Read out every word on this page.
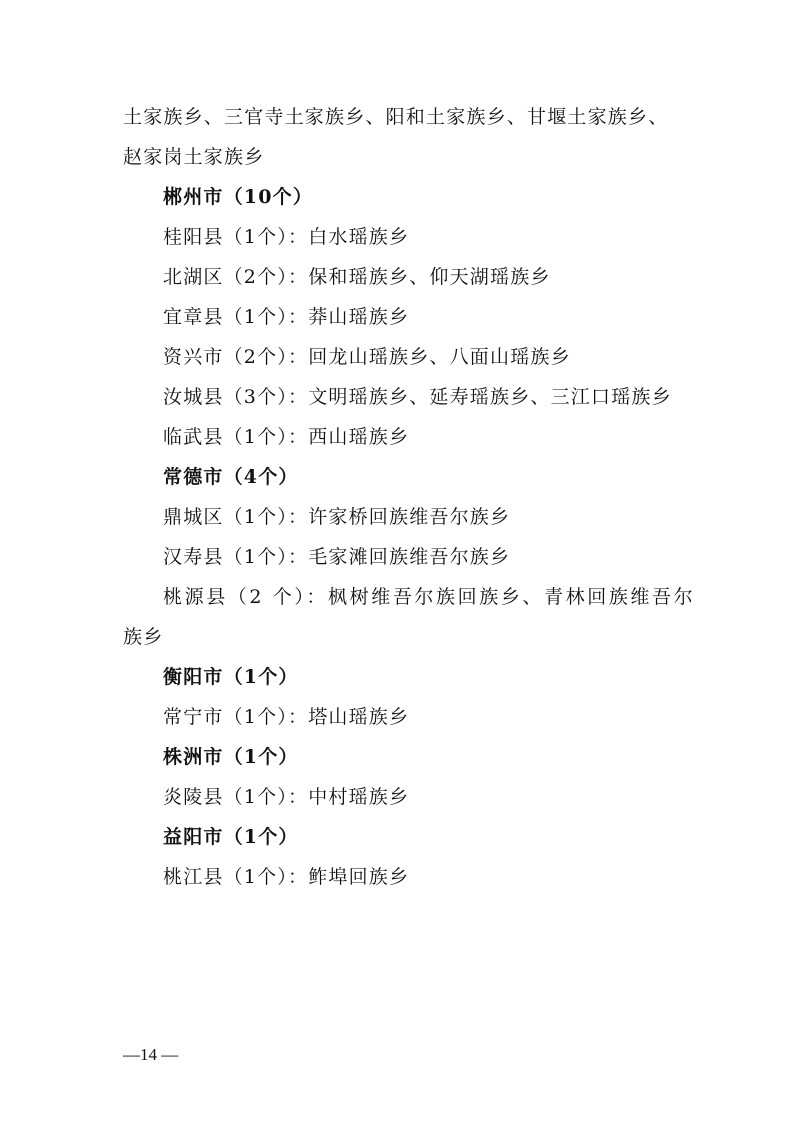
土家族乡、三官寺土家族乡、阳和土家族乡、甘堰土家族乡、
赵家岗土家族乡
郴州市（10个）
桂阳县（1个）：白水瑶族乡
北湖区（2个）：保和瑶族乡、仰天湖瑶族乡
宜章县（1个）：莽山瑶族乡
资兴市（2个）：回龙山瑶族乡、八面山瑶族乡
汝城县（3个）：文明瑶族乡、延寿瑶族乡、三江口瑶族乡
临武县（1个）：西山瑶族乡
常德市（4个）
鼎城区（1个）：许家桥回族维吾尔族乡
汉寿县（1个）：毛家滩回族维吾尔族乡
桃源县（2 个）：枫树维吾尔族回族乡、青林回族维吾尔
族乡
衡阳市（1个）
常宁市（1个）：塔山瑶族乡
株洲市（1个）
炎陵县（1个）：中村瑶族乡
益阳市（1个）
桃江县（1个）：鲊埠回族乡
—14 —
